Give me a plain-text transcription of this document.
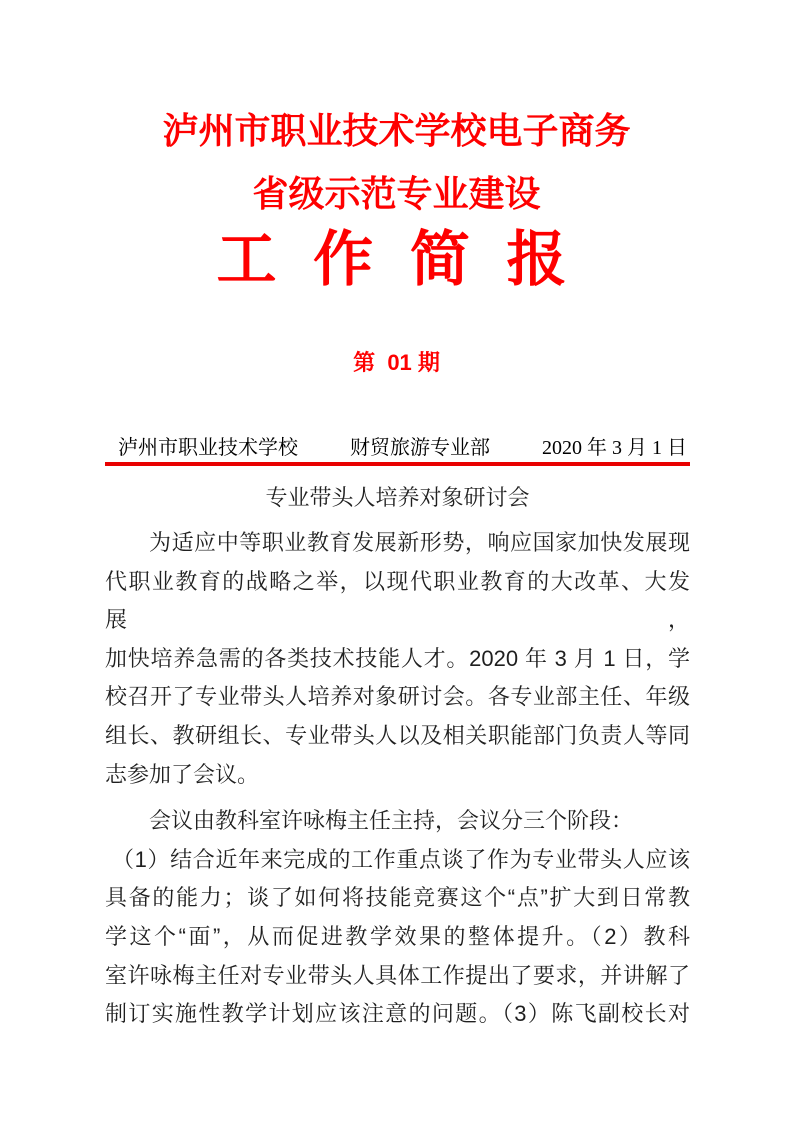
泸州市职业技术学校电子商务
省级示范专业建设
工 作 简 报
第  01 期
泸州市职业技术学校	财贸旅游专业部	2020 年 3 月 1 日
专业带头人培养对象研讨会
为适应中等职业教育发展新形势，响应国家加快发展现
代职业教育的战略之举，以现代职业教育的大改革、大发展，
加快培养急需的各类技术技能人才。2020 年 3 月 1 日，学
校召开了专业带头人培养对象研讨会。各专业部主任、年级
组长、教研组长、专业带头人以及相关职能部门负责人等同
志参加了会议。
会议由教科室许咏梅主任主持，会议分三个阶段：
（1）结合近年来完成的工作重点谈了作为专业带头人应该
具备的能力；谈了如何将技能竞赛这个“点”扩大到日常教
学这个“面”，从而促进教学效果的整体提升。（2）教科
室许咏梅主任对专业带头人具体工作提出了要求，并讲解了
制订实施性教学计划应该注意的问题。（3）陈飞副校长对
